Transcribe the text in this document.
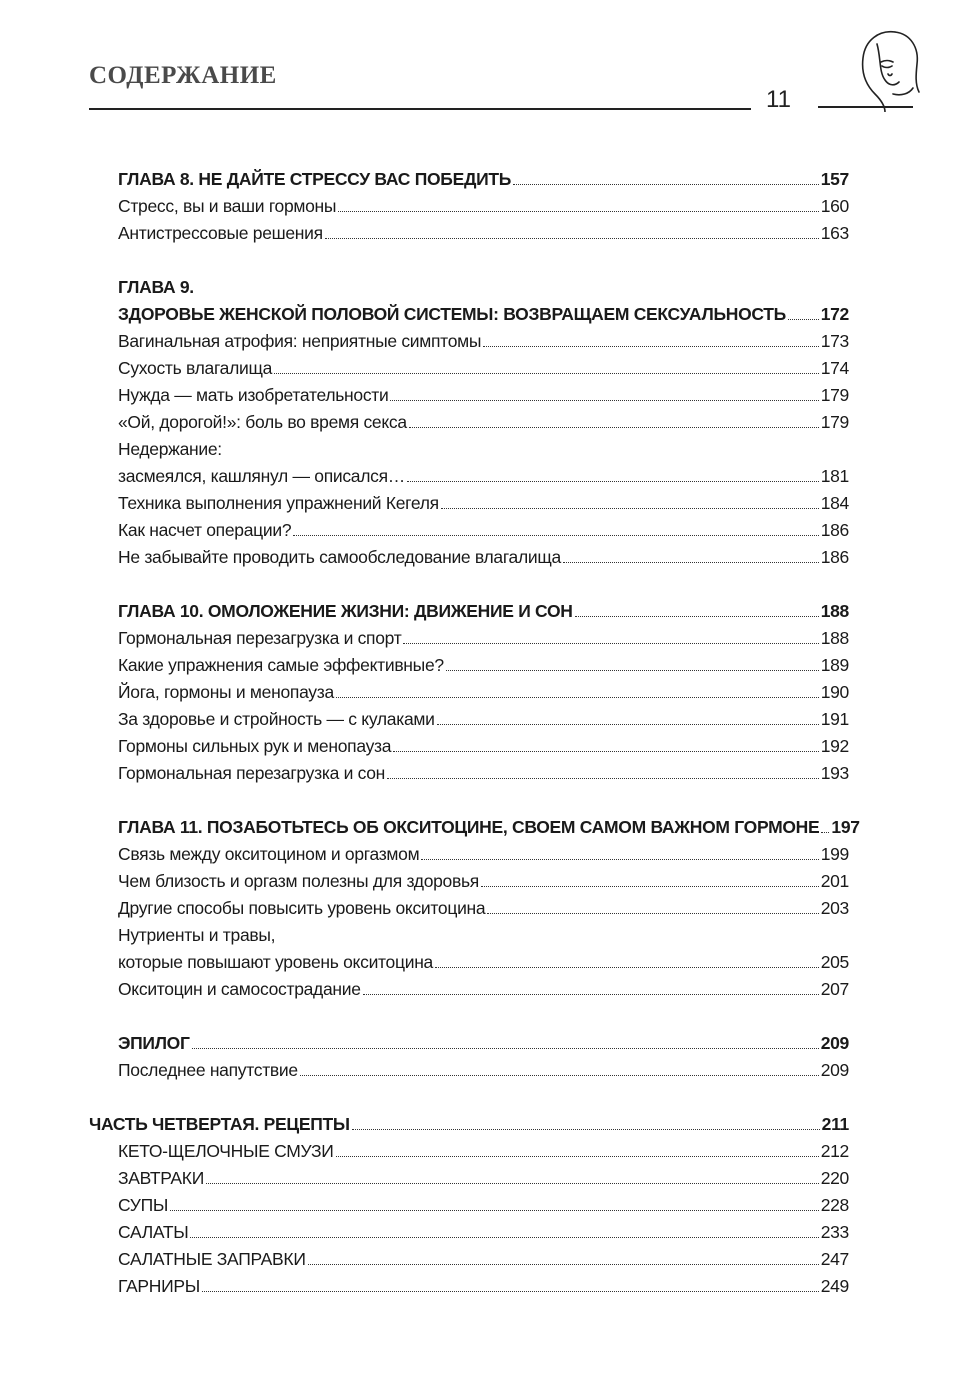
СОДЕРЖАНИЕ
11
ГЛАВА 8. НЕ ДАЙТЕ СТРЕССУ ВАС ПОБЕДИТЬ	157
Стресс, вы и ваши гормоны	160
Антистрессовые решения	163
ГЛАВА 9.
ЗДОРОВЬЕ ЖЕНСКОЙ ПОЛОВОЙ СИСТЕМЫ: ВОЗВРАЩАЕМ СЕКСУАЛЬНОСТЬ 172
Вагинальная атрофия: неприятные симптомы	173
Сухость влагалища	174
Нужда — мать изобретательности	179
«Ой, дорогой!»: боль во время секса	179
Недержание:
засмеялся, кашлянул — описался…	181
Техника выполнения упражнений Кегеля	184
Как насчет операции?	186
Не забывайте проводить самообследование влагалища	186
ГЛАВА 10. ОМОЛОЖЕНИЕ ЖИЗНИ: ДВИЖЕНИЕ И СОН	188
Гормональная перезагрузка и спорт	188
Какие упражнения самые эффективные?	189
Йога, гормоны и менопауза	190
За здоровье и стройность — с кулаками	191
Гормоны сильных рук и менопауза	192
Гормональная перезагрузка и сон	193
ГЛАВА 11. ПОЗАБОТЬТЕСЬ ОБ ОКСИТОЦИНЕ, СВОЕМ САМОМ ВАЖНОМ ГОРМОНЕ 197
Связь между окситоцином и оргазмом	199
Чем близость и оргазм полезны для здоровья	201
Другие способы повысить уровень окситоцина	203
Нутриенты и травы,
которые повышают уровень окситоцина	205
Окситоцин и самосострадание	207
ЭПИЛОГ	209
Последнее напутствие	209
ЧАСТЬ ЧЕТВЕРТАЯ. РЕЦЕПТЫ	211
КЕТО-ЩЕЛОЧНЫЕ СМУЗИ	212
ЗАВТРАКИ	220
СУПЫ	228
САЛАТЫ	233
САЛАТНЫЕ ЗАПРАВКИ	247
ГАРНИРЫ	249
